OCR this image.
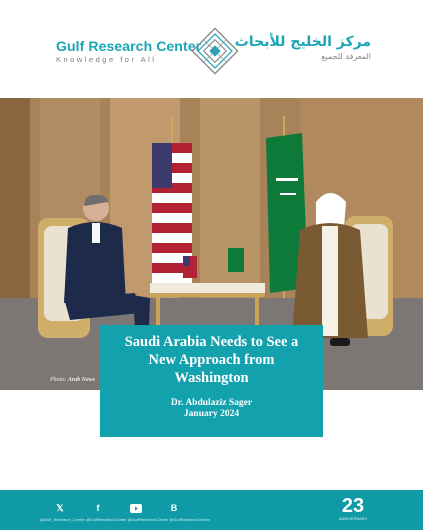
Gulf Research Center
Knowledge for All
مركز الخليج للأبحاث
المعرفة للجميع
Photo: Arab News
Saudi Arabia Needs to See a
New Approach from
Washington
Dr. Abdulaziz Sager
January 2024
𝕏	f	B
@Gulf_Research_Center @GulfResearchCenter @GulfResearchCenter @GulfResearchCenter
23
ANNIVERSARY
